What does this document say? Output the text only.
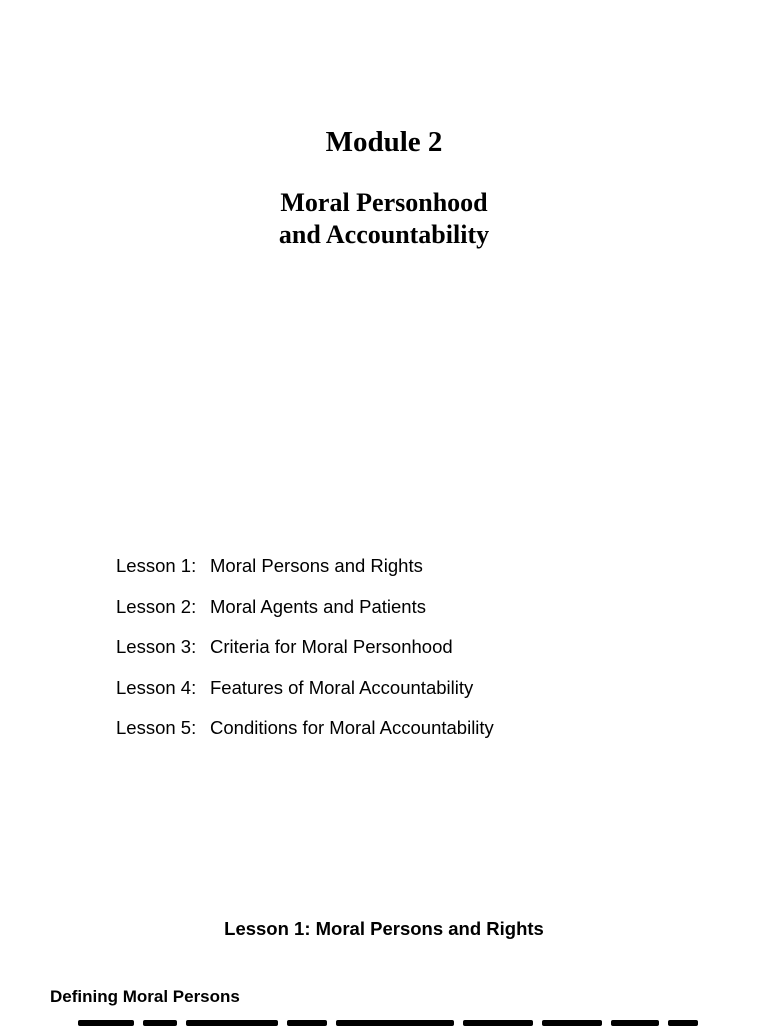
Module 2
Moral Personhood
and Accountability
Lesson 1: Moral Persons and Rights
Lesson 2: Moral Agents and Patients
Lesson 3: Criteria for Moral Personhood
Lesson 4: Features of Moral Accountability
Lesson 5: Conditions for Moral Accountability
Lesson 1: Moral Persons and Rights
Defining Moral Persons
